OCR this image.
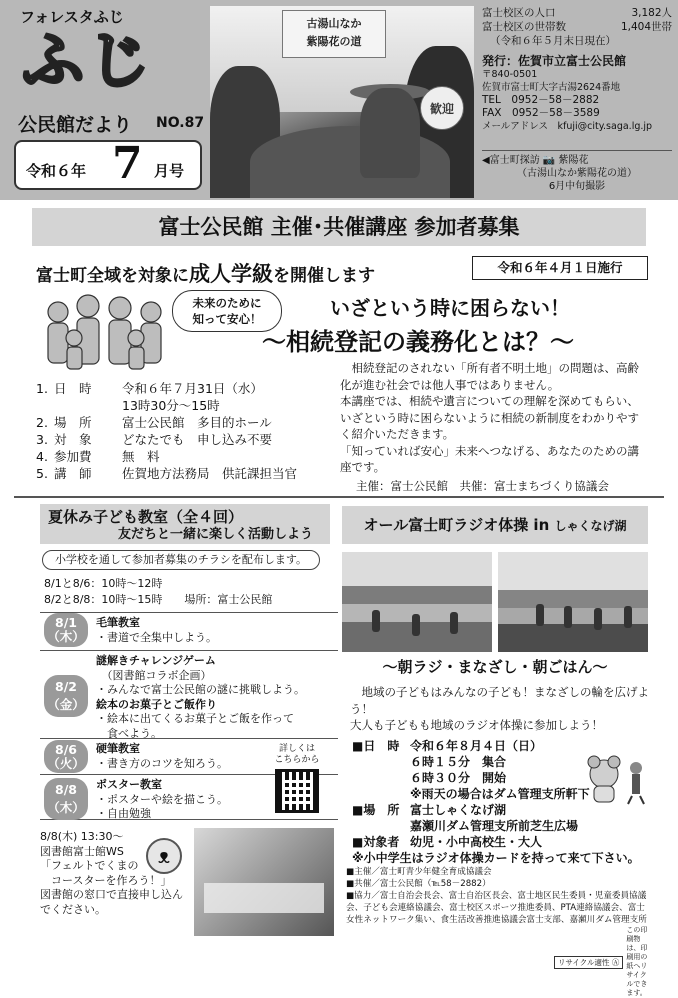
フォレスタふじ
ふじ
公民館だより NO.87
令和６年 7 月号
古湯山なか
紫陽花の道
歓迎
富士校区の人口	3,182人
富士校区の世帯数	1,404世帯
（令和６年５月末日現在）
発行：佐賀市立富士公民館
〒840-0501
佐賀市富士町大字古湯2624番地
TEL　0952－58－2882
FAX　0952－58－3589
メールアドレス　kfuji@city.saga.lg.jp
◀富士町探訪 📷 紫陽花
（古湯山なか紫陽花の道）
6月中旬撮影
富士公民館 主催･共催講座 参加者募集
富士町全域を対象に成人学級を開催します	令和６年４月１日施行
未来のために
知って安心！	いざという時に困らない！
～相続登記の義務化とは？～
1. 日　時	令和６年７月31日（水）
13時30分～15時
2. 場　所	富士公民館　多目的ホール
3. 対　象	どなたでも　申し込み不要
4. 参加費	無　料
5. 講　師	佐賀地方法務局　供託課担当官

　相続登記のされない「所有者不明土地」の問題は、高齢化が進む社会では他人事ではありません。

本講座では、相続や遺言についての理解を深めてもらい、いざという時に困らないように相続の新制度をわかりやすく紹介いただきます。

「知っていれば安心」未来へつなげる、あなたのための講座です。

主催：富士公民館　共催：富士まちづくり協議会
夏休み子ども教室（全４回）
友だちと一緒に楽しく活動しよう
小学校を通して参加者募集のチラシを配布します。
8/1と8/6：10時～12時
8/2と8/8：10時～15時　　場所：富士公民館
8/1
（木）
毛筆教室
・書道で全集中しよう。
8/2
（金）
謎解きチャレンジゲーム
　（図書館コラボ企画）
・みんなで富士公民館の謎に挑戦しよう。
絵本のお菓子とご飯作り
・絵本に出てくるお菓子とご飯を作って
　食べよう。
8/6
（火）
硬筆教室
・書き方のコツを知ろう。
8/8
（木）
ポスター教室
・ポスターや絵を描こう。
・自由勉強
詳しくは
こちらから
8/8(木) 13:30～
図書館富士館WS
「フェルトでくまの
　コースターを作ろう！」
図書館の窓口で直接申し込んでください。
ᴥ
オール富士町ラジオ体操 in しゃくなげ湖
～朝ラジ・まなざし・朝ごはん～
　地域の子どもはみんなの子ども！まなざしの輪を広げよう！
大人も子どもも地域のラジオ体操に参加しよう！
■日　時 令和６年８月４日（日）
６時１５分　集合
６時３０分　開始
※雨天の場合はダム管理支所軒下
■場　所 富士しゃくなげ湖
嘉瀬川ダム管理支所前芝生広場
■対象者 幼児・小中高校生・大人
※小中学生はラジオ体操カードを持って来て下さい。
■主催／富士町青少年健全育成協議会
■共催／富士公民館（℡58－2882）
■協力／富士自治会長会、富士自治区長会、富士地区民生委員・児童委員協議会、子ども会連絡協議会、富士校区スポーツ推進委員、PTA連絡協議会、富士女性ネットワーク集い、食生活改善推進協議会富士支部、嘉瀬川ダム管理支所
リサイクル適性 Ⓐ
この印刷物は、印刷用の紙へリサイクルできます。
